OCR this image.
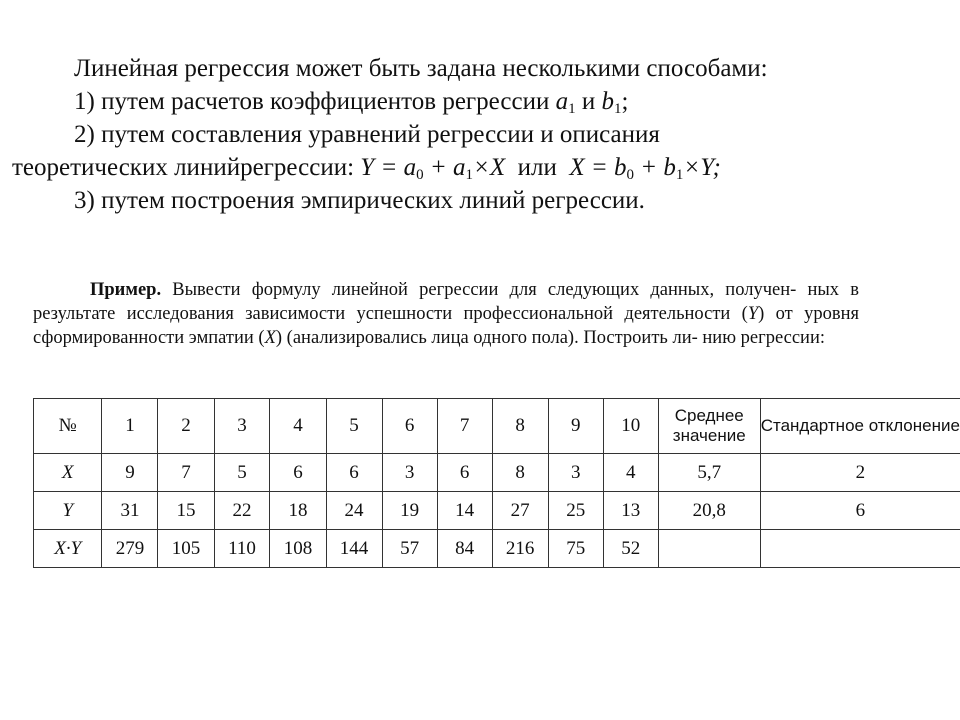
Линейная регрессия может быть задана несколькими способами:
1) путем расчетов коэффициентов регрессии $a_1$ и $b_1$;
2) путем составления уравнений регрессии и описания
теоретических линийрегрессии: $Y = a_0 + a_1\times X$  или  $X = b_0 + b_1\times Y$;
3) путем построения эмпирических линий регрессии.

Пример. Вывести формулу линейной регрессии для следующих данных, получен- ных в результате исследования зависимости успешности профессиональной деятельности (Y) от уровня сформированности эмпатии (X) (анализировались лица одного пола). Построить ли- нию регрессии:

№	1	2	3	4	5	6	7	8	9	10	Среднее значение	Стандартное отклонение
X	9	7	5	6	6	3	6	8	3	4	5,7	2
Y	31	15	22	18	24	19	14	27	25	13	20,8	6
X·Y	279	105	110	108	144	57	84	216	75	52		
